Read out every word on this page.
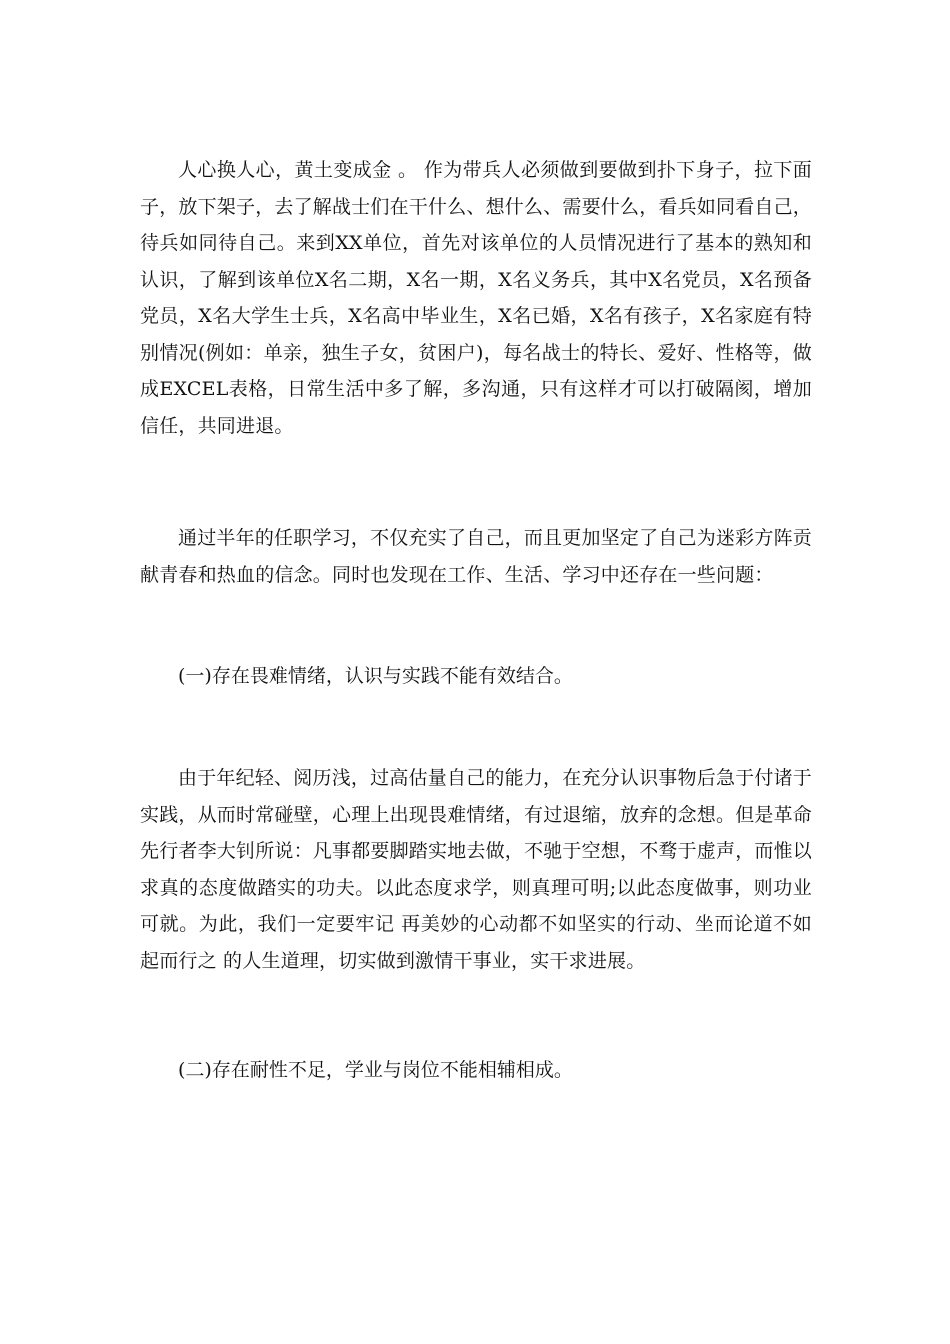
人心换人心，黄土变成金 。 作为带兵人必须做到要做到扑下身子，拉下面子，放下架子，去了解战士们在干什么、想什么、需要什么，看兵如同看自己，待兵如同待自己。来到XX单位，首先对该单位的人员情况进行了基本的熟知和认识，了解到该单位X名二期，X名一期，X名义务兵，其中X名党员，X名预备党员，X名大学生士兵，X名高中毕业生，X名已婚，X名有孩子，X名家庭有特别情况(例如：单亲，独生子女，贫困户)，每名战士的特长、爱好、性格等，做成EXCEL表格，日常生活中多了解，多沟通，只有这样才可以打破隔阂，增加信任，共同进退。

通过半年的任职学习，不仅充实了自己，而且更加坚定了自己为迷彩方阵贡献青春和热血的信念。同时也发现在工作、生活、学习中还存在一些问题：

(一)存在畏难情绪，认识与实践不能有效结合。

由于年纪轻、阅历浅，过高估量自己的能力，在充分认识事物后急于付诸于实践，从而时常碰壁，心理上出现畏难情绪，有过退缩，放弃的念想。但是革命先行者李大钊所说：凡事都要脚踏实地去做，不驰于空想，不骛于虚声，而惟以求真的态度做踏实的功夫。以此态度求学，则真理可明;以此态度做事，则功业可就。为此，我们一定要牢记 再美妙的心动都不如坚实的行动、坐而论道不如起而行之 的人生道理，切实做到激情干事业，实干求进展。

(二)存在耐性不足，学业与岗位不能相辅相成。
